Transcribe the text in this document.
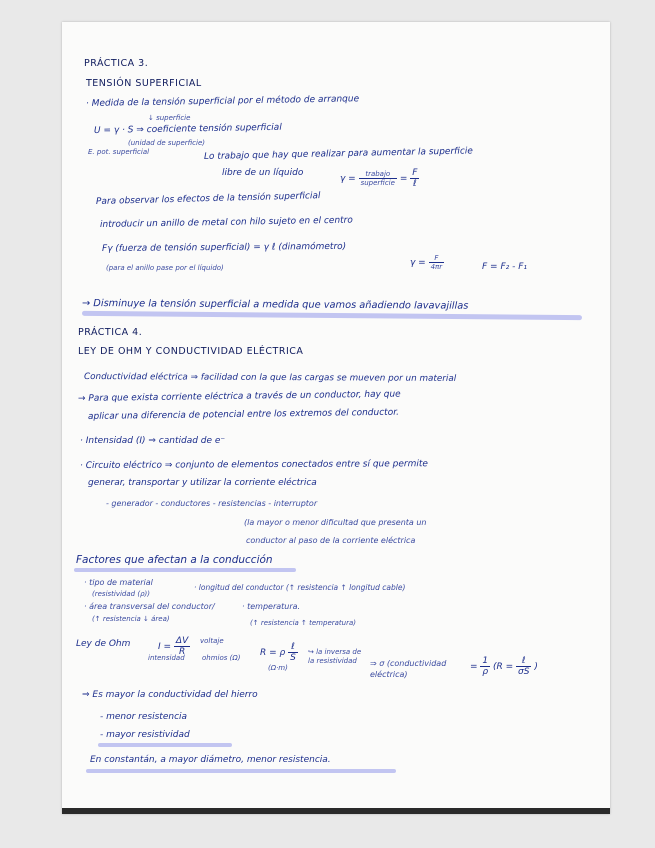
PRÁCTICA 3.
TENSIÓN SUPERFICIAL
· Medida de la tensión superficial por el método de arranque
↓ superficie
U = γ · S ⇒ coeficiente tensión superficial
(unidad de superficie)
E. pot. superficial	Lo trabajo que hay que realizar para aumentar la superficie
libre de un líquido
$\gamma = \frac{\text{trabajo}}{\text{superficie}} = \frac{F}{\text{ℓ}}$
Para observar los efectos de la tensión superficial
introducir un anillo de metal con hilo sujeto en el centro
Fγ (fuerza de tensión superficial) = γ ℓ (dinamómetro)
$\gamma = \frac{F}{4\pi r}$	F = F₂ - F₁
(para el anillo pase por el líquido)
→ Disminuye la tensión superficial a medida que vamos añadiendo lavavajillas
PRÁCTICA 4.
LEY DE OHM Y CONDUCTIVIDAD ELÉCTRICA
Conductividad eléctrica ⇒ facilidad con la que las cargas se mueven por un material
→ Para que exista corriente eléctrica a través de un conductor, hay que
aplicar una diferencia de potencial entre los extremos del conductor.
· Intensidad (I) ⇒ cantidad de e⁻
· Circuito eléctrico ⇒ conjunto de elementos conectados entre sí que permite
generar, transportar y utilizar la corriente eléctrica
- generador - conductores - resistencias - interruptor
(la mayor o menor dificultad que presenta un
conductor al paso de la corriente eléctrica
Factores que afectan a la conducción
· tipo de material
(resistividad (ρ))
· longitud del conductor (↑ resistencia ↑ longitud cable)
· área transversal del conductor/
(↑ resistencia ↓ área)
· temperatura.
(↑ resistencia ↑ temperatura)
Ley de Ohm	$I = \frac{\Delta V}{R}$ voltaje
intensidad ohmios (Ω) R = ρ $\frac{\text{ℓ}}{S}$
(Ω·m)
↪ la inversa de la resistividad	⇒ σ (conductividad eléctrica)
= $\frac{1}{\rho} (R = \frac{\text{ℓ}}{\sigma S}$ )
⇒ Es mayor la conductividad del hierro
- menor resistencia
- mayor resistividad
En constantán, a mayor diámetro, menor resistencia.
